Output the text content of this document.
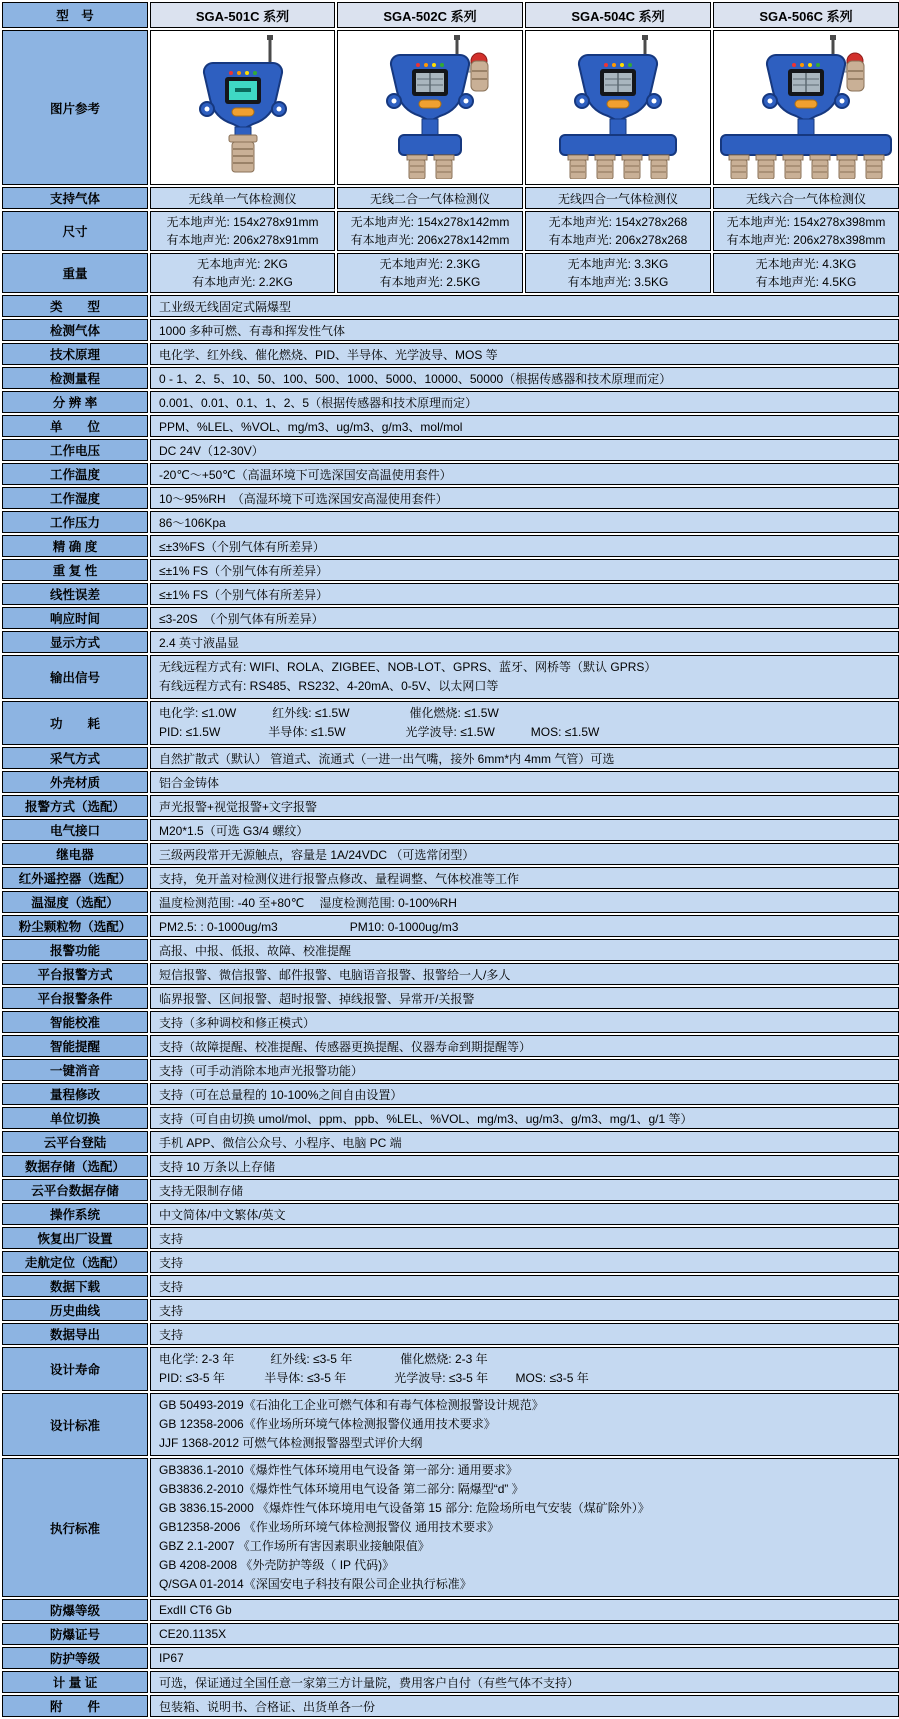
型　号	SGA-501C 系列	SGA-502C 系列	SGA-504C 系列	SGA-506C 系列
图片参考				
支持气体	无线单一气体检测仪	无线二合一气体检测仪	无线四合一气体检测仪	无线六合一气体检测仪
尺寸	
无本地声光: 154x278x91mm
有本地声光: 206x278x91mm

无本地声光: 154x278x142mm
有本地声光: 206x278x142mm

无本地声光: 154x278x268
有本地声光: 206x278x268

无本地声光: 154x278x398mm
有本地声光: 206x278x398mm

重量	
无本地声光: 2KG
有本地声光: 2.2KG

无本地声光: 2.3KG
有本地声光: 2.5KG

无本地声光: 3.3KG
有本地声光: 3.5KG

无本地声光: 4.3KG
有本地声光: 4.5KG

类　　型	工业级无线固定式隔爆型			
检测气体	1000 多种可燃、有毒和挥发性气体			
技术原理	电化学、红外线、催化燃烧、PID、半导体、光学波导、MOS 等			
检测量程	0 - 1、2、5、10、50、100、500、1000、5000、10000、50000（根据传感器和技术原理而定）			
分 辨 率	0.001、0.01、0.1、1、2、5（根据传感器和技术原理而定）			
单　　位	PPM、%LEL、%VOL、mg/m3、ug/m3、g/m3、mol/mol			
工作电压	DC 24V（12-30V）			
工作温度	-20℃～+50℃（高温环境下可选深国安高温使用套件）			
工作湿度	10～95%RH　（高湿环境下可选深国安高湿使用套件）			
工作压力	86～106Kpa			
精 确 度	≤±3%FS（个别气体有所差异）			
重 复 性	≤±1% FS（个别气体有所差异）			
线性误差	≤±1% FS（个别气体有所差异）			
响应时间	≤3-20S　（个别气体有所差异）			
显示方式	2.4 英寸液晶显			
输出信号	无线远程方式有: WIFI、ROLA、ZIGBEE、NOB-LOT、GPRS、蓝牙、网桥等（默认 GPRS）
有线远程方式有: RS485、RS232、4-20mA、0-5V、以太网口等			

功　　耗	电化学: ≤1.0W　　　红外线: ≤1.5W　　　　　催化燃烧: ≤1.5W
PID: ≤1.5W　　　　半导体: ≤1.5W　　　　　光学波导: ≤1.5W　　　MOS: ≤1.5W			

采气方式	自然扩散式（默认） 管道式、流通式（一进一出气嘴，接外 6mm*内 4mm 气管）可选			
外壳材质	铝合金铸体			
报警方式（选配）	声光报警+视觉报警+文字报警			
电气接口	M20*1.5（可选 G3/4 螺纹）			
继电器	三级两段常开无源触点，容量是 1A/24VDC （可选常闭型）			
红外遥控器（选配）	支持，免开盖对检测仪进行报警点修改、量程调整、气体校准等工作			
温湿度（选配）	温度检测范围: -40 至+80℃　 湿度检测范围: 0-100%RH			
粉尘颗粒物（选配）	PM2.5: : 0-1000ug/m3　　　　　　PM10: 0-1000ug/m3			
报警功能	高报、中报、低报、故障、校准提醒			
平台报警方式	短信报警、微信报警、邮件报警、电脑语音报警、报警给一人/多人			
平台报警条件	临界报警、区间报警、超时报警、掉线报警、异常开/关报警			
智能校准	支持（多种调校和修正模式）			
智能提醒	支持（故障提醒、校准提醒、传感器更换提醒、仪器寿命到期提醒等）			
一键消音	支持（可手动消除本地声光报警功能）			
量程修改	支持（可在总量程的 10-100%之间自由设置）			
单位切换	支持（可自由切换 umol/mol、ppm、ppb、%LEL、%VOL、mg/m3、ug/m3、g/m3、mg/1、g/1 等）			
云平台登陆	手机 APP、微信公众号、小程序、电脑 PC 端			
数据存储（选配）	支持 10 万条以上存储			
云平台数据存储	支持无限制存储			
操作系统	中文简体/中文繁体/英文			
恢复出厂设置	支持			
走航定位（选配）	支持			
数据下载	支持			
历史曲线	支持			
数据导出	支持			
设计寿命	电化学: 2-3 年　　　红外线: ≤3-5 年　　　　催化燃烧: 2-3 年
PID: ≤3-5 年　　　 半导体: ≤3-5 年　　　　光学波导: ≤3-5 年　　 MOS: ≤3-5 年			

设计标准	GB 50493-2019《石油化工企业可燃气体和有毒气体检测报警设计规范》
GB 12358-2006《作业场所环境气体检测报警仪通用技术要求》
JJF 1368-2012 可燃气体检测报警器型式评价大纲			

执行标准	
GB3836.1-2010《爆炸性气体环境用电气设备 第一部分: 通用要求》
GB3836.2-2010《爆炸性气体环境用电气设备 第二部分: 隔爆型“d” 》
GB 3836.15-2000 《爆炸性气体环境用电气设备第 15 部分: 危险场所电气安装（煤矿除外）》
GB12358-2006 《作业场所环境气体检测报警仪 通用技术要求》
GBZ 2.1-2007 《工作场所有害因素职业接触限值》
GB 4208-2008 《外壳防护等级（ IP 代码)》
Q/SGA 01-2014《深国安电子科技有限公司企业执行标准》

防爆等级	ExdII CT6 Gb			
防爆证号	CE20.1135X			
防护等级	IP67			
计 量 证	可选，保证通过全国任意一家第三方计量院，费用客户自付（有些气体不支持）			
附　　件	包装箱、说明书、合格证、出货单各一份			
